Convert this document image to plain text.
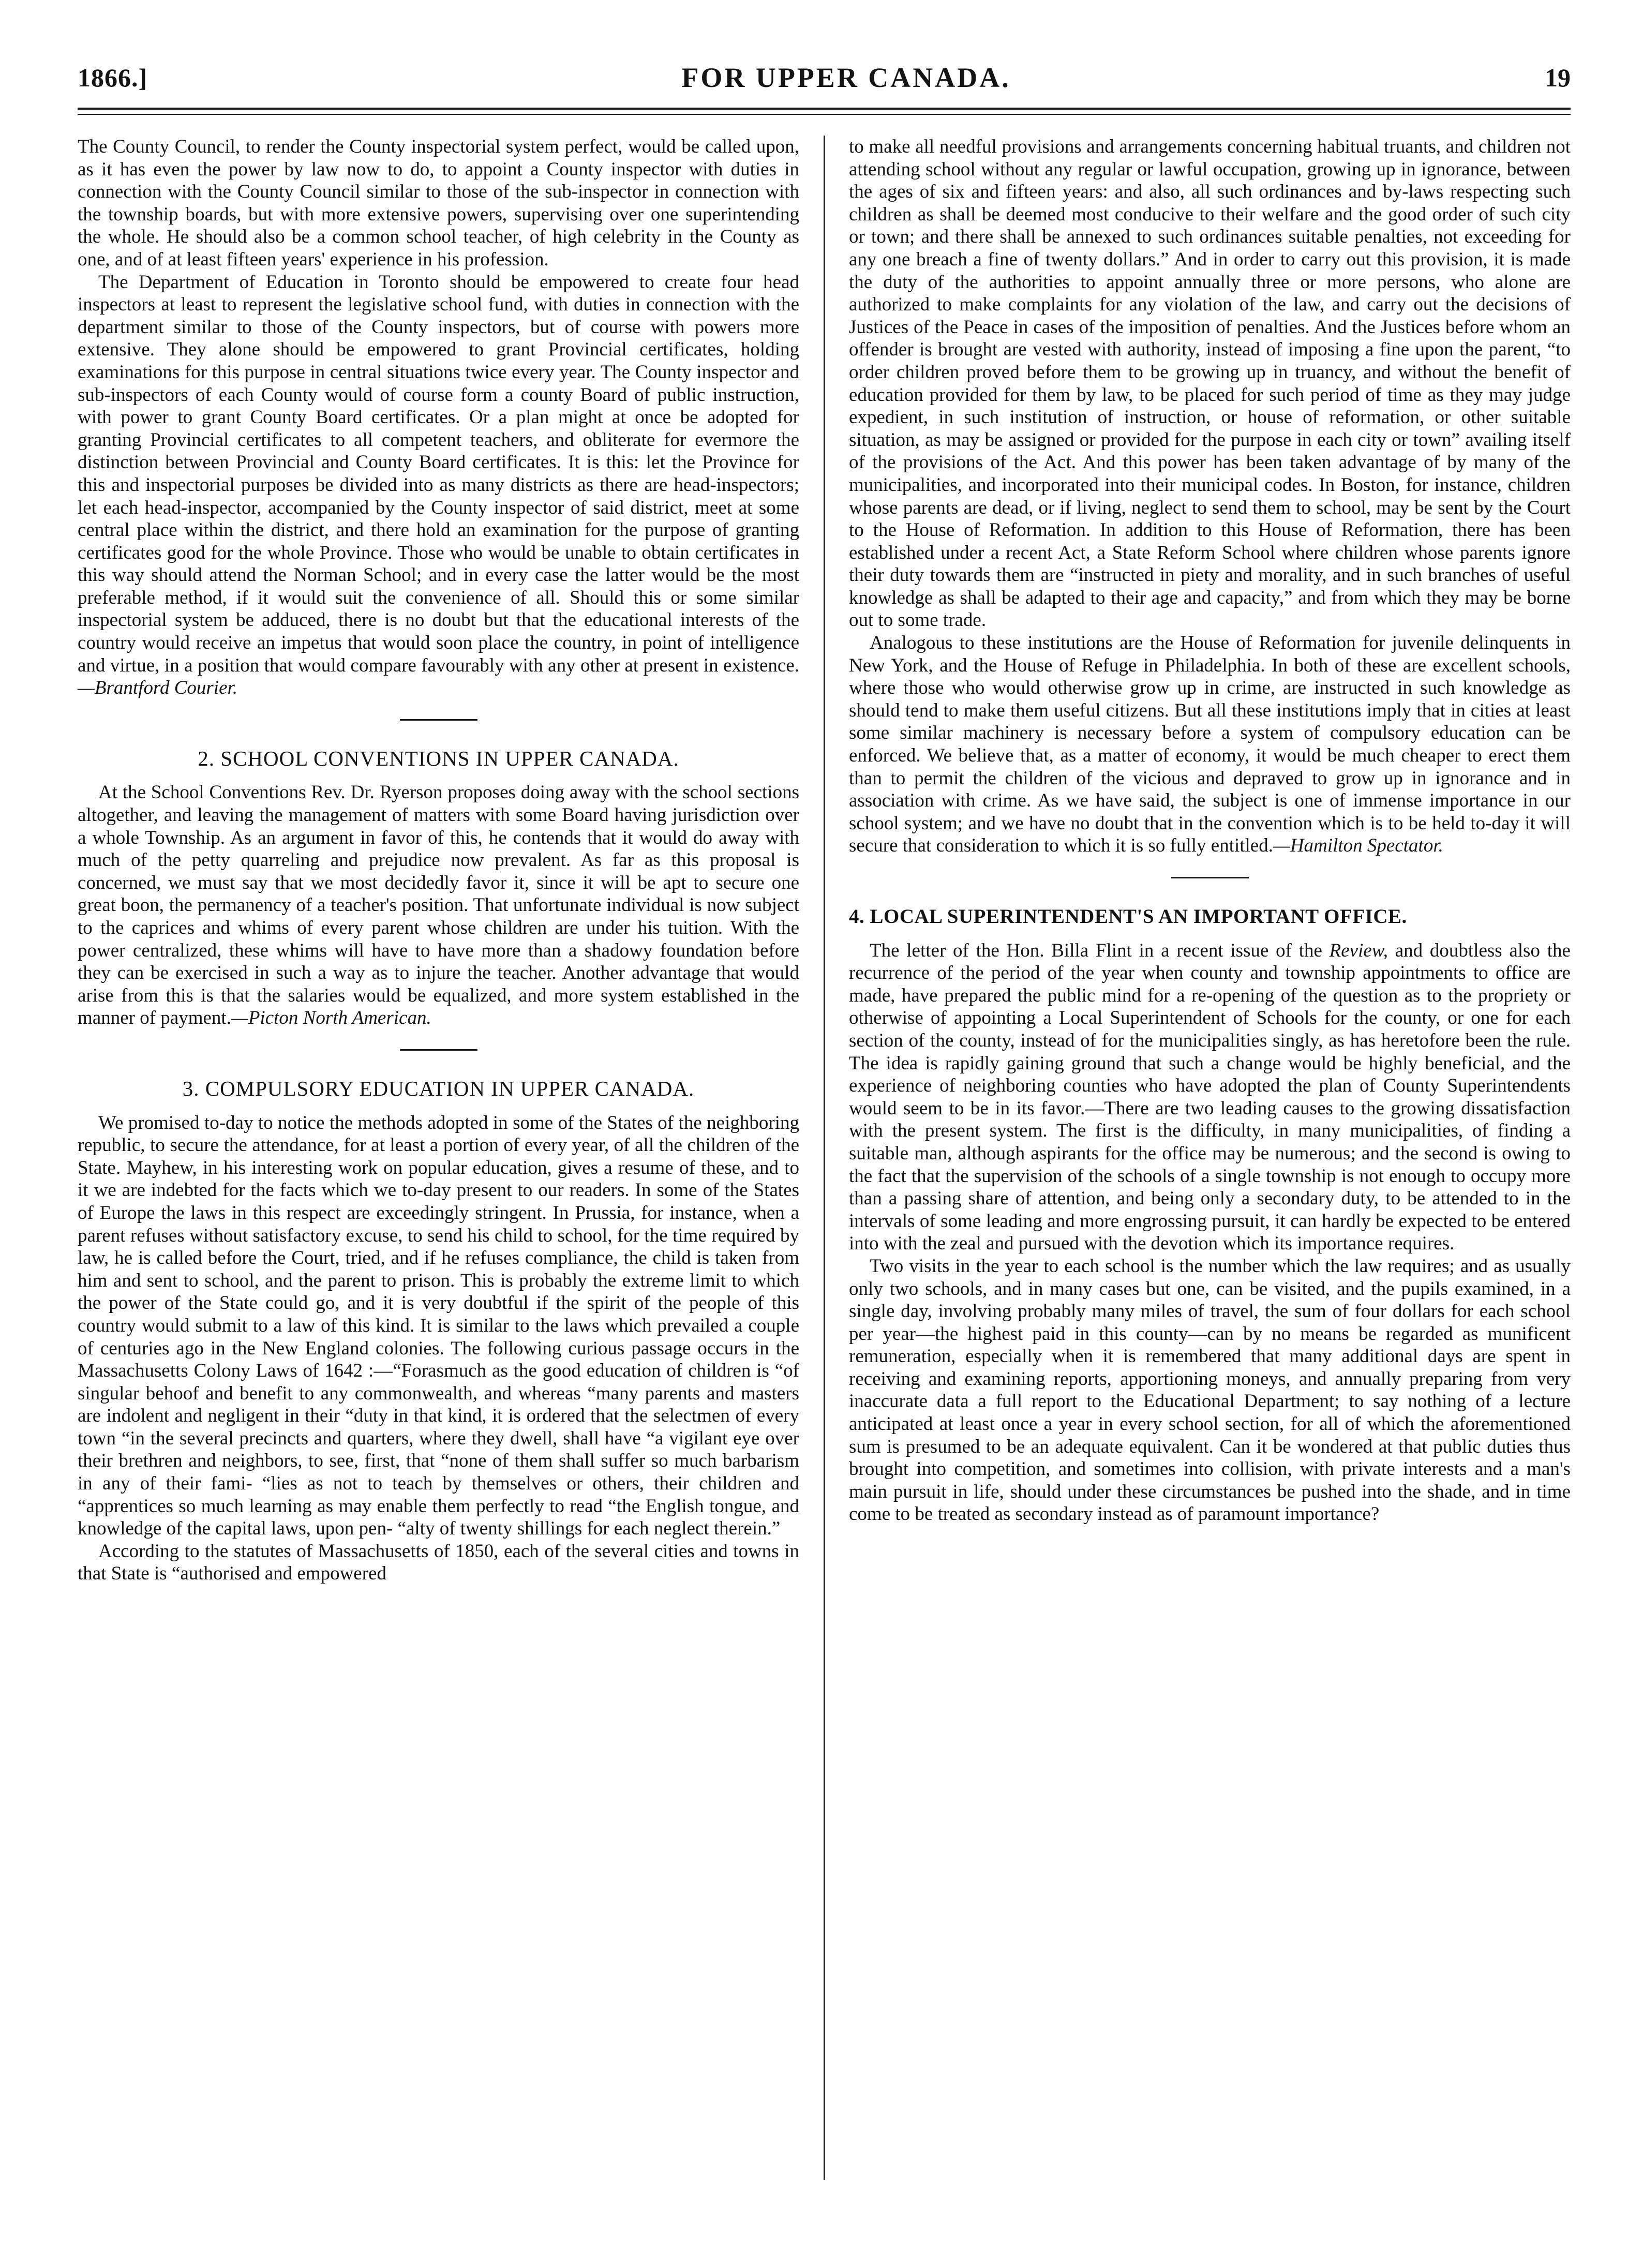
1866.]	FOR UPPER CANADA.	19

The County Council, to render the County inspectorial system perfect, would be called upon, as it has even the power by law now to do, to appoint a County inspector with duties in connection with the County Council similar to those of the sub-inspector in connection with the township boards, but with more extensive powers, supervising over one superintending the whole. He should also be a common school teacher, of high celebrity in the County as one, and of at least fifteen years' experience in his profession.

The Department of Education in Toronto should be empowered to create four head inspectors at least to represent the legislative school fund, with duties in connection with the department similar to those of the County inspectors, but of course with powers more extensive. They alone should be empowered to grant Provincial certificates, holding examinations for this purpose in central situations twice every year. The County inspector and sub-inspectors of each County would of course form a county Board of public instruction, with power to grant County Board certificates. Or a plan might at once be adopted for granting Provincial certificates to all competent teachers, and obliterate for evermore the distinction between Provincial and County Board certificates. It is this: let the Province for this and inspectorial purposes be divided into as many districts as there are head-inspectors; let each head-inspector, accompanied by the County inspector of said district, meet at some central place within the district, and there hold an examination for the purpose of granting certificates good for the whole Province. Those who would be unable to obtain certificates in this way should attend the Norman School; and in every case the latter would be the most preferable method, if it would suit the convenience of all. Should this or some similar inspectorial system be adduced, there is no doubt but that the educational interests of the country would receive an impetus that would soon place the country, in point of intelligence and virtue, in a position that would compare favourably with any other at present in existence.—Brantford Courier.

2. SCHOOL CONVENTIONS IN UPPER CANADA.

At the School Conventions Rev. Dr. Ryerson proposes doing away with the school sections altogether, and leaving the management of matters with some Board having jurisdiction over a whole Township. As an argument in favor of this, he contends that it would do away with much of the petty quarreling and prejudice now prevalent. As far as this proposal is concerned, we must say that we most decidedly favor it, since it will be apt to secure one great boon, the permanency of a teacher's position. That unfortunate individual is now subject to the caprices and whims of every parent whose children are under his tuition. With the power centralized, these whims will have to have more than a shadowy foundation before they can be exercised in such a way as to injure the teacher. Another advantage that would arise from this is that the salaries would be equalized, and more system established in the manner of payment.—Picton North American.

3. COMPULSORY EDUCATION IN UPPER CANADA.

We promised to-day to notice the methods adopted in some of the States of the neighboring republic, to secure the attendance, for at least a portion of every year, of all the children of the State. Mayhew, in his interesting work on popular education, gives a resume of these, and to it we are indebted for the facts which we to-day present to our readers. In some of the States of Europe the laws in this respect are exceedingly stringent. In Prussia, for instance, when a parent refuses without satisfactory excuse, to send his child to school, for the time required by law, he is called before the Court, tried, and if he refuses compliance, the child is taken from him and sent to school, and the parent to prison. This is probably the extreme limit to which the power of the State could go, and it is very doubtful if the spirit of the people of this country would submit to a law of this kind. It is similar to the laws which prevailed a couple of centuries ago in the New England colonies. The following curious passage occurs in the Massachusetts Colony Laws of 1642 :—“Forasmuch as the good education of children is “of singular behoof and benefit to any commonwealth, and whereas “many parents and masters are indolent and negligent in their “duty in that kind, it is ordered that the selectmen of every town “in the several precincts and quarters, where they dwell, shall have “a vigilant eye over their brethren and neighbors, to see, first, that “none of them shall suffer so much barbarism in any of their fami- “lies as not to teach by themselves or others, their children and “apprentices so much learning as may enable them perfectly to read “the English tongue, and knowledge of the capital laws, upon pen- “alty of twenty shillings for each neglect therein.”

According to the statutes of Massachusetts of 1850, each of the several cities and towns in that State is “authorised and empowered

to make all needful provisions and arrangements concerning habitual truants, and children not attending school without any regular or lawful occupation, growing up in ignorance, between the ages of six and fifteen years: and also, all such ordinances and by-laws respecting such children as shall be deemed most conducive to their welfare and the good order of such city or town; and there shall be annexed to such ordinances suitable penalties, not exceeding for any one breach a fine of twenty dollars.” And in order to carry out this provision, it is made the duty of the authorities to appoint annually three or more persons, who alone are authorized to make complaints for any violation of the law, and carry out the decisions of Justices of the Peace in cases of the imposition of penalties. And the Justices before whom an offender is brought are vested with authority, instead of imposing a fine upon the parent, “to order children proved before them to be growing up in truancy, and without the benefit of education provided for them by law, to be placed for such period of time as they may judge expedient, in such institution of instruction, or house of reformation, or other suitable situation, as may be assigned or provided for the purpose in each city or town” availing itself of the provisions of the Act. And this power has been taken advantage of by many of the municipalities, and incorporated into their municipal codes. In Boston, for instance, children whose parents are dead, or if living, neglect to send them to school, may be sent by the Court to the House of Reformation. In addition to this House of Reformation, there has been established under a recent Act, a State Reform School where children whose parents ignore their duty towards them are “instructed in piety and morality, and in such branches of useful knowledge as shall be adapted to their age and capacity,” and from which they may be borne out to some trade.

Analogous to these institutions are the House of Reformation for juvenile delinquents in New York, and the House of Refuge in Philadelphia. In both of these are excellent schools, where those who would otherwise grow up in crime, are instructed in such knowledge as should tend to make them useful citizens. But all these institutions imply that in cities at least some similar machinery is necessary before a system of compulsory education can be enforced. We believe that, as a matter of economy, it would be much cheaper to erect them than to permit the children of the vicious and depraved to grow up in ignorance and in association with crime. As we have said, the subject is one of immense importance in our school system; and we have no doubt that in the convention which is to be held to-day it will secure that consideration to which it is so fully entitled.—Hamilton Spectator.

4. LOCAL SUPERINTENDENT'S AN IMPORTANT OFFICE.

The letter of the Hon. Billa Flint in a recent issue of the Review, and doubtless also the recurrence of the period of the year when county and township appointments to office are made, have prepared the public mind for a re-opening of the question as to the propriety or otherwise of appointing a Local Superintendent of Schools for the county, or one for each section of the county, instead of for the municipalities singly, as has heretofore been the rule. The idea is rapidly gaining ground that such a change would be highly beneficial, and the experience of neighboring counties who have adopted the plan of County Superintendents would seem to be in its favor.—There are two leading causes to the growing dissatisfaction with the present system. The first is the difficulty, in many municipalities, of finding a suitable man, although aspirants for the office may be numerous; and the second is owing to the fact that the supervision of the schools of a single township is not enough to occupy more than a passing share of attention, and being only a secondary duty, to be attended to in the intervals of some leading and more engrossing pursuit, it can hardly be expected to be entered into with the zeal and pursued with the devotion which its importance requires.

Two visits in the year to each school is the number which the law requires; and as usually only two schools, and in many cases but one, can be visited, and the pupils examined, in a single day, involving probably many miles of travel, the sum of four dollars for each school per year—the highest paid in this county—can by no means be regarded as munificent remuneration, especially when it is remembered that many additional days are spent in receiving and examining reports, apportioning moneys, and annually preparing from very inaccurate data a full report to the Educational Department; to say nothing of a lecture anticipated at least once a year in every school section, for all of which the aforementioned sum is presumed to be an adequate equivalent. Can it be wondered at that public duties thus brought into competition, and sometimes into collision, with private interests and a man's main pursuit in life, should under these circumstances be pushed into the shade, and in time come to be treated as secondary instead as of paramount importance?
